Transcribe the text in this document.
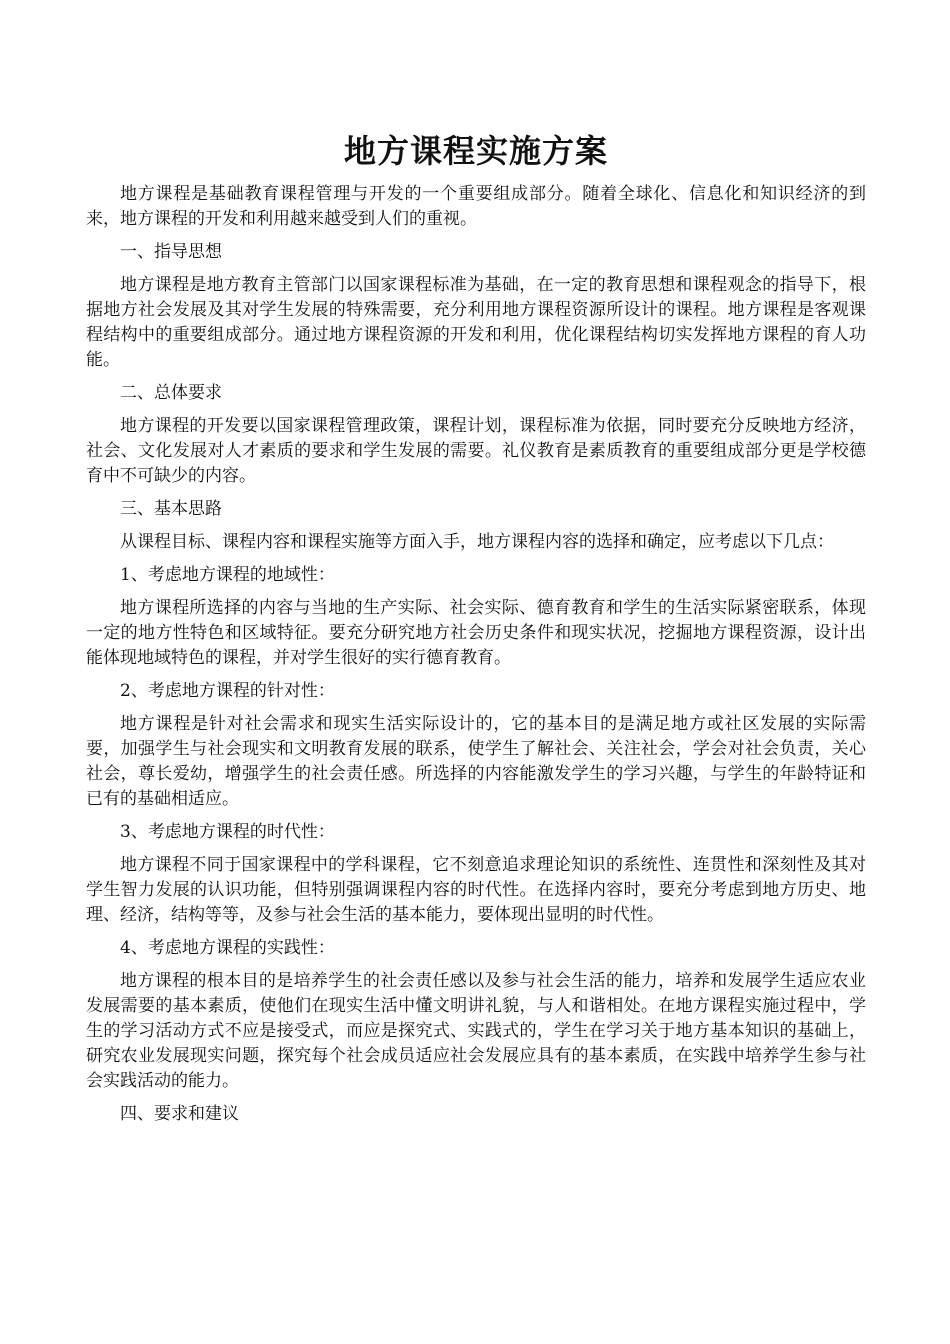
地方课程实施方案

地方课程是基础教育课程管理与开发的一个重要组成部分。随着全球化、信息化和知识经济的到来，地方课程的开发和利用越来越受到人们的重视。

一、指导思想

地方课程是地方教育主管部门以国家课程标准为基础，在一定的教育思想和课程观念的指导下，根据地方社会发展及其对学生发展的特殊需要，充分利用地方课程资源所设计的课程。地方课程是客观课程结构中的重要组成部分。通过地方课程资源的开发和利用，优化课程结构切实发挥地方课程的育人功能。

二、总体要求

地方课程的开发要以国家课程管理政策，课程计划，课程标准为依据，同时要充分反映地方经济，社会、文化发展对人才素质的要求和学生发展的需要。礼仪教育是素质教育的重要组成部分更是学校德育中不可缺少的内容。

三、基本思路

从课程目标、课程内容和课程实施等方面入手，地方课程内容的选择和确定，应考虑以下几点：

1、考虑地方课程的地域性：

地方课程所选择的内容与当地的生产实际、社会实际、德育教育和学生的生活实际紧密联系，体现一定的地方性特色和区域特征。要充分研究地方社会历史条件和现实状况，挖掘地方课程资源，设计出能体现地域特色的课程，并对学生很好的实行德育教育。

2、考虑地方课程的针对性：

地方课程是针对社会需求和现实生活实际设计的，它的基本目的是满足地方或社区发展的实际需要，加强学生与社会现实和文明教育发展的联系，使学生了解社会、关注社会，学会对社会负责，关心社会，尊长爱幼，增强学生的社会责任感。所选择的内容能激发学生的学习兴趣，与学生的年龄特证和已有的基础相适应。

3、考虑地方课程的时代性：

地方课程不同于国家课程中的学科课程，它不刻意追求理论知识的系统性、连贯性和深刻性及其对学生智力发展的认识功能，但特别强调课程内容的时代性。在选择内容时，要充分考虑到地方历史、地理、经济，结构等等，及参与社会生活的基本能力，要体现出显明的时代性。

4、考虑地方课程的实践性：

地方课程的根本目的是培养学生的社会责任感以及参与社会生活的能力，培养和发展学生适应农业发展需要的基本素质，使他们在现实生活中懂文明讲礼貌，与人和谐相处。在地方课程实施过程中，学生的学习活动方式不应是接受式，而应是探究式、实践式的，学生在学习关于地方基本知识的基础上，研究农业发展现实问题，探究每个社会成员适应社会发展应具有的基本素质，在实践中培养学生参与社会实践活动的能力。

四、要求和建议
